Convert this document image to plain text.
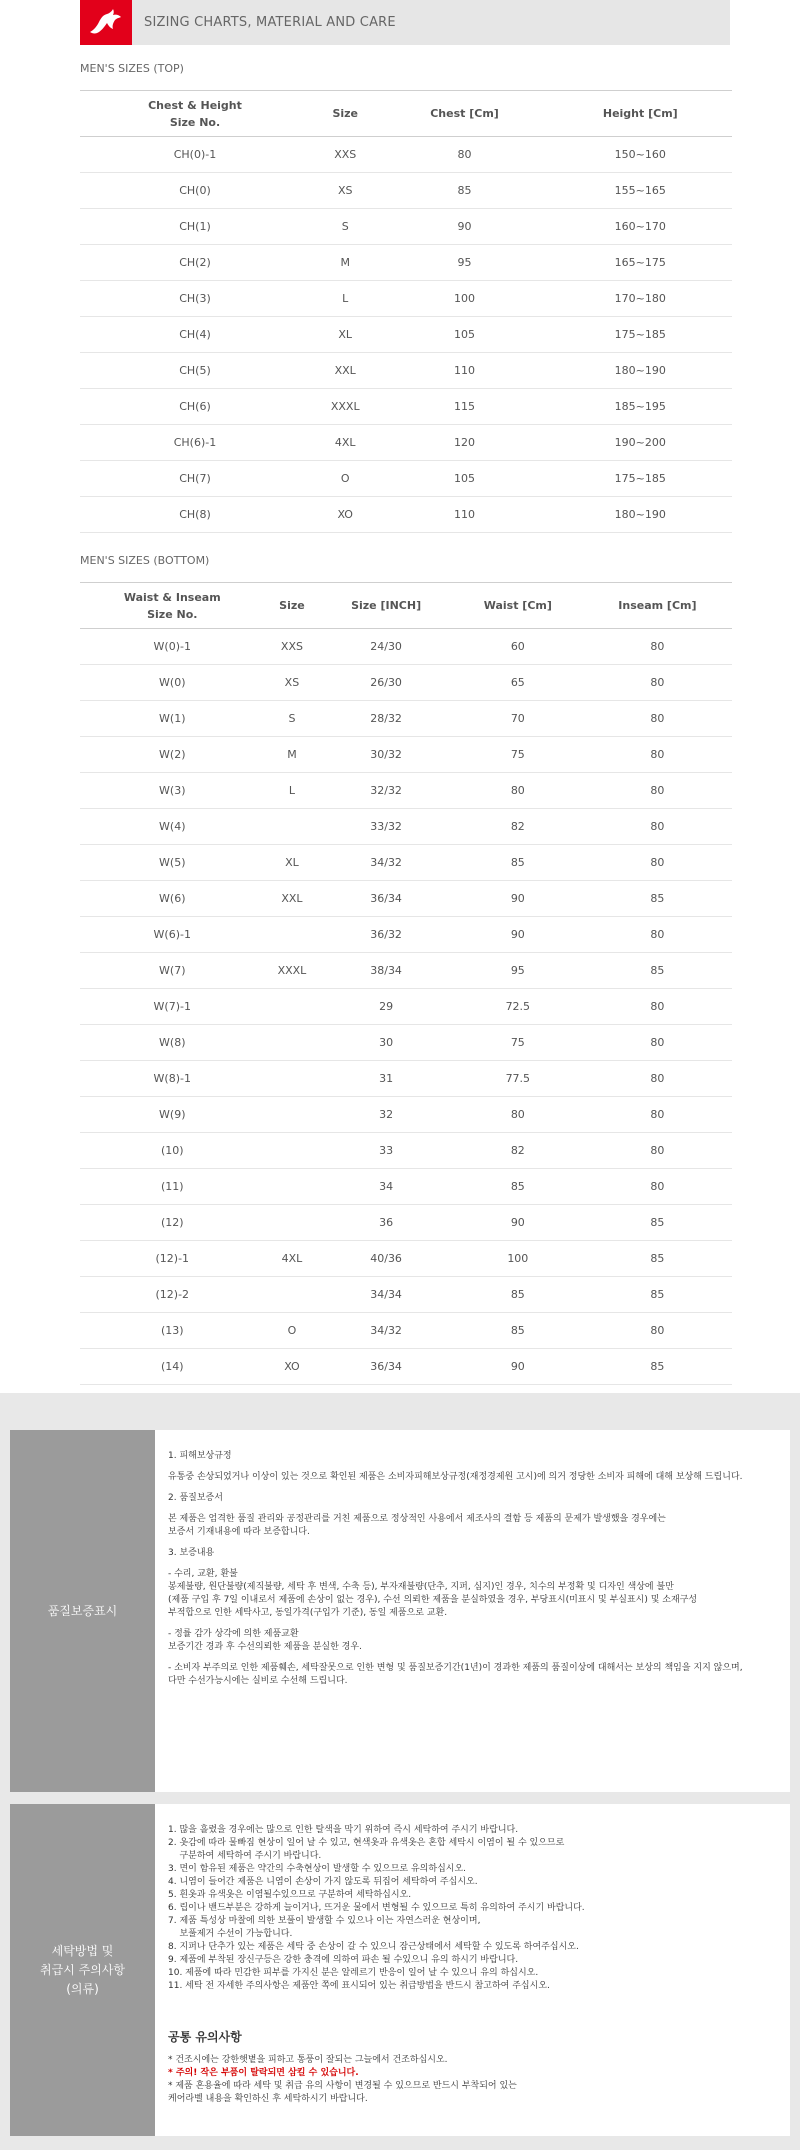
SIZING CHARTS, MATERIAL AND CARE
MEN'S SIZES (TOP)
Chest & Height
Size No.	Size	Chest [Cm]	Height [Cm]
CH(0)-1	XXS	80	150~160
CH(0)	XS	85	155~165
CH(1)	S	90	160~170
CH(2)	M	95	165~175
CH(3)	L	100	170~180
CH(4)	XL	105	175~185
CH(5)	XXL	110	180~190
CH(6)	XXXL	115	185~195
CH(6)-1	4XL	120	190~200
CH(7)	O	105	175~185
CH(8)	XO	110	180~190
MEN'S SIZES (BOTTOM)
Waist & Inseam
Size No.	Size	Size [INCH]	Waist [Cm]	Inseam [Cm]
W(0)-1	XXS	24/30	60	80
W(0)	XS	26/30	65	80
W(1)	S	28/32	70	80
W(2)	M	30/32	75	80
W(3)	L	32/32	80	80
W(4)		33/32	82	80
W(5)	XL	34/32	85	80
W(6)	XXL	36/34	90	85
W(6)-1		36/32	90	80
W(7)	XXXL	38/34	95	85
W(7)-1		29	72.5	80
W(8)		30	75	80
W(8)-1		31	77.5	80
W(9)		32	80	80
(10)		33	82	80
(11)		34	85	80
(12)		36	90	85
(12)-1	4XL	40/36	100	85
(12)-2		34/34	85	85
(13)	O	34/32	85	80
(14)	XO	36/34	90	85
품질보증표시

1. 피해보상규정

유통중 손상되었거나 이상이 있는 것으로 확인된 제품은 소비자피해보상규정(재정경제원 고시)에 의거 정당한 소비자 피해에 대해 보상해 드립니다.

2. 품질보증서

본 제품은 엄격한 품질 관리와 공정관리를 거친 제품으로 정상적인 사용에서 제조사의 결함 등 제품의 문제가 발생했을 경우에는

보증서 기재내용에 따라 보증합니다.

3. 보증내용

- 수리, 교환, 환불

봉제불량, 원단불량(제직불량, 세탁 후 변색, 수축 등), 부자재불량(단추, 지퍼, 심지)인 경우, 치수의 부정확 및 디자인 색상에 불만

(제품 구입 후 7일 이내로서 제품에 손상이 없는 경우), 수선 의뢰한 제품을 분실하였을 경우, 부당표시(미표시 및 부실표시) 및 소재구성

부적합으로 인한 세탁사고, 동일가격(구입가 기준), 동일 제품으로 교환.

- 정률 감가 상각에 의한 제품교환

보증기간 경과 후 수선의뢰한 제품을 분실한 경우.

- 소비자 부주의로 인한 제품훼손, 세탁잘못으로 인한 변형 및 품질보증기간(1년)이 경과한 제품의 품질이상에 대해서는 보상의 책임을 지지 않으며,

다만 수선가능시에는 실비로 수선해 드립니다.

세탁방법 및
취급시 주의사항
(의류)

1. 많을 흘렸을 경우에는 많으로 인한 탈색을 막기 위하여 즉시 세탁하여 주시기 바랍니다.

2. 옷감에 따라 물빠짐 현상이 일어 날 수 있고, 현색옷과 유색옷은 혼합 세탁시 이염이 될 수 있으므로

구분하여 세탁하여 주시기 바랍니다.

3. 면이 함유된 제품은 약간의 수축현상이 발생할 수 있으므로 유의하십시오.

4. 니염이 들어간 제품은 니염이 손상이 가지 않도록 뒤집어 세탁하여 주십시오.

5. 흰옷과 유색옷은 이염될수있으므로 구분하여 세탁하십시오.

6. 립이나 밴드부분은 강하게 늘이거나, 뜨거운 물에서 변형될 수 있으므로 특히 유의하여 주시기 바랍니다.

7. 제품 특성상 마찰에 의한 보풀이 발생할 수 있으나 이는 자연스러운 현상이며,

보풀제거 수선이 가능합니다.

8. 지퍼나 단추가 있는 제품은 세탁 중 손상이 갈 수 있으니 잠근상태에서 세탁할 수 있도록 하여주십시오.

9. 제품에 부착된 장신구등은 강한 충격에 의하여 파손 될 수있으니 유의 하시기 바랍니다.

10. 제품에 따라 민감한 피부를 가지신 분은 알레르기 반응이 일어 날 수 있으니 유의 하십시오.

11. 세탁 전 자세한 주의사항은 제품안 쪽에 표시되어 있는 취급방법을 반드시 참고하여 주십시오.

공통 유의사항

* 건조시에는 강한햇볕을 피하고 통풍이 잘되는 그늘에서 건조하십시오.

* 주의! 작은 부품이 탈락되면 삼킬 수 있습니다.

* 제품 혼용율에 따라 세탁 및 취급 유의 사항이 변경될 수 있으므로 반드시 부착되어 있는

케어라벨 내용을 확인하신 후 세탁하시기 바랍니다.
